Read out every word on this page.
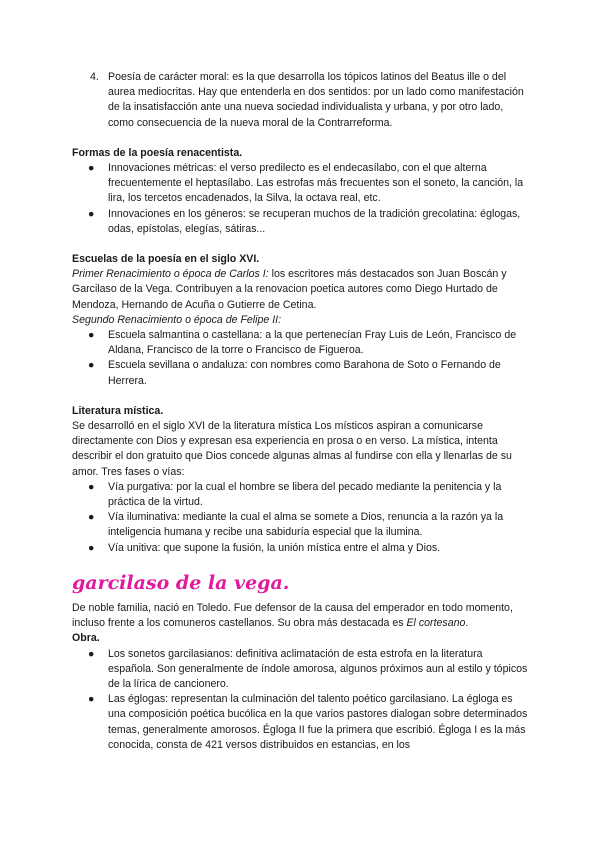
4. Poesía de carácter moral: es la que desarrolla los tópicos latinos del Beatus ille o del aurea mediocritas. Hay que entenderla en dos sentidos: por un lado como manifestación de la insatisfacción ante una nueva sociedad individualista y urbana, y por otro lado, como consecuencia de la nueva moral de la Contrarreforma.
Formas de la poesía renacentista.
●	Innovaciones métricas: el verso predilecto es el endecasílabo, con el que alterna frecuentemente el heptasílabo. Las estrofas más frecuentes son el soneto, la canción, la lira, los tercetos encadenados, la Silva, la octava real, etc.
●	Innovaciones en los géneros: se recuperan muchos de la tradición grecolatina: églogas, odas, epístolas, elegías, sátiras...
Escuelas de la poesía en el siglo XVI.

Primer Renacimiento o época de Carlos I: los escritores más destacados son Juan Boscán y Garcilaso de la Vega. Contribuyen a la renovacion poetica autores como Diego Hurtado de Mendoza, Hernando de Acuña o Gutierre de Cetina.

Segundo Renacimiento o época de Felipe II:

●	Escuela salmantina o castellana: a la que pertenecían Fray Luis de León, Francisco de Aldana, Francisco de la torre o Francisco de Figueroa.
●	Escuela sevillana o andaluza: con nombres como Barahona de Soto o Fernando de Herrera.
Literatura mística.

Se desarrolló en el siglo XVI de la literatura mística Los místicos aspiran a comunicarse directamente con Dios y expresan esa experiencia en prosa o en verso. La mística, intenta describir el don gratuito que Dios concede algunas almas al fundirse con ella y llenarlas de su amor. Tres fases o vías:

●	Vía purgativa: por la cual el hombre se libera del pecado mediante la penitencia y la práctica de la virtud.
●	Vía iluminativa: mediante la cual el alma se somete a Dios, renuncia a la razón ya la inteligencia humana y recibe una sabiduría especial que la ilumina.
●	Vía unitiva: que supone la fusión, la unión mística entre el alma y Dios.
garcilaso de la vega.

De noble familia, nació en Toledo. Fue defensor de la causa del emperador en todo momento, incluso frente a los comuneros castellanos. Su obra más destacada es El cortesano.

Obra.
●	Los sonetos garcilasianos: definitiva aclimatación de esta estrofa en la literatura española. Son generalmente de índole amorosa, algunos próximos aun al estilo y tópicos de la lírica de cancionero.
●	Las églogas: representan la culminación del talento poético garcilasiano. La égloga es una composición poética bucólica en la que varios pastores dialogan sobre determinados temas, generalmente amorosos. Égloga II fue la primera que escribió. Égloga I es la más conocida, consta de 421 versos distribuidos en estancias, en los
